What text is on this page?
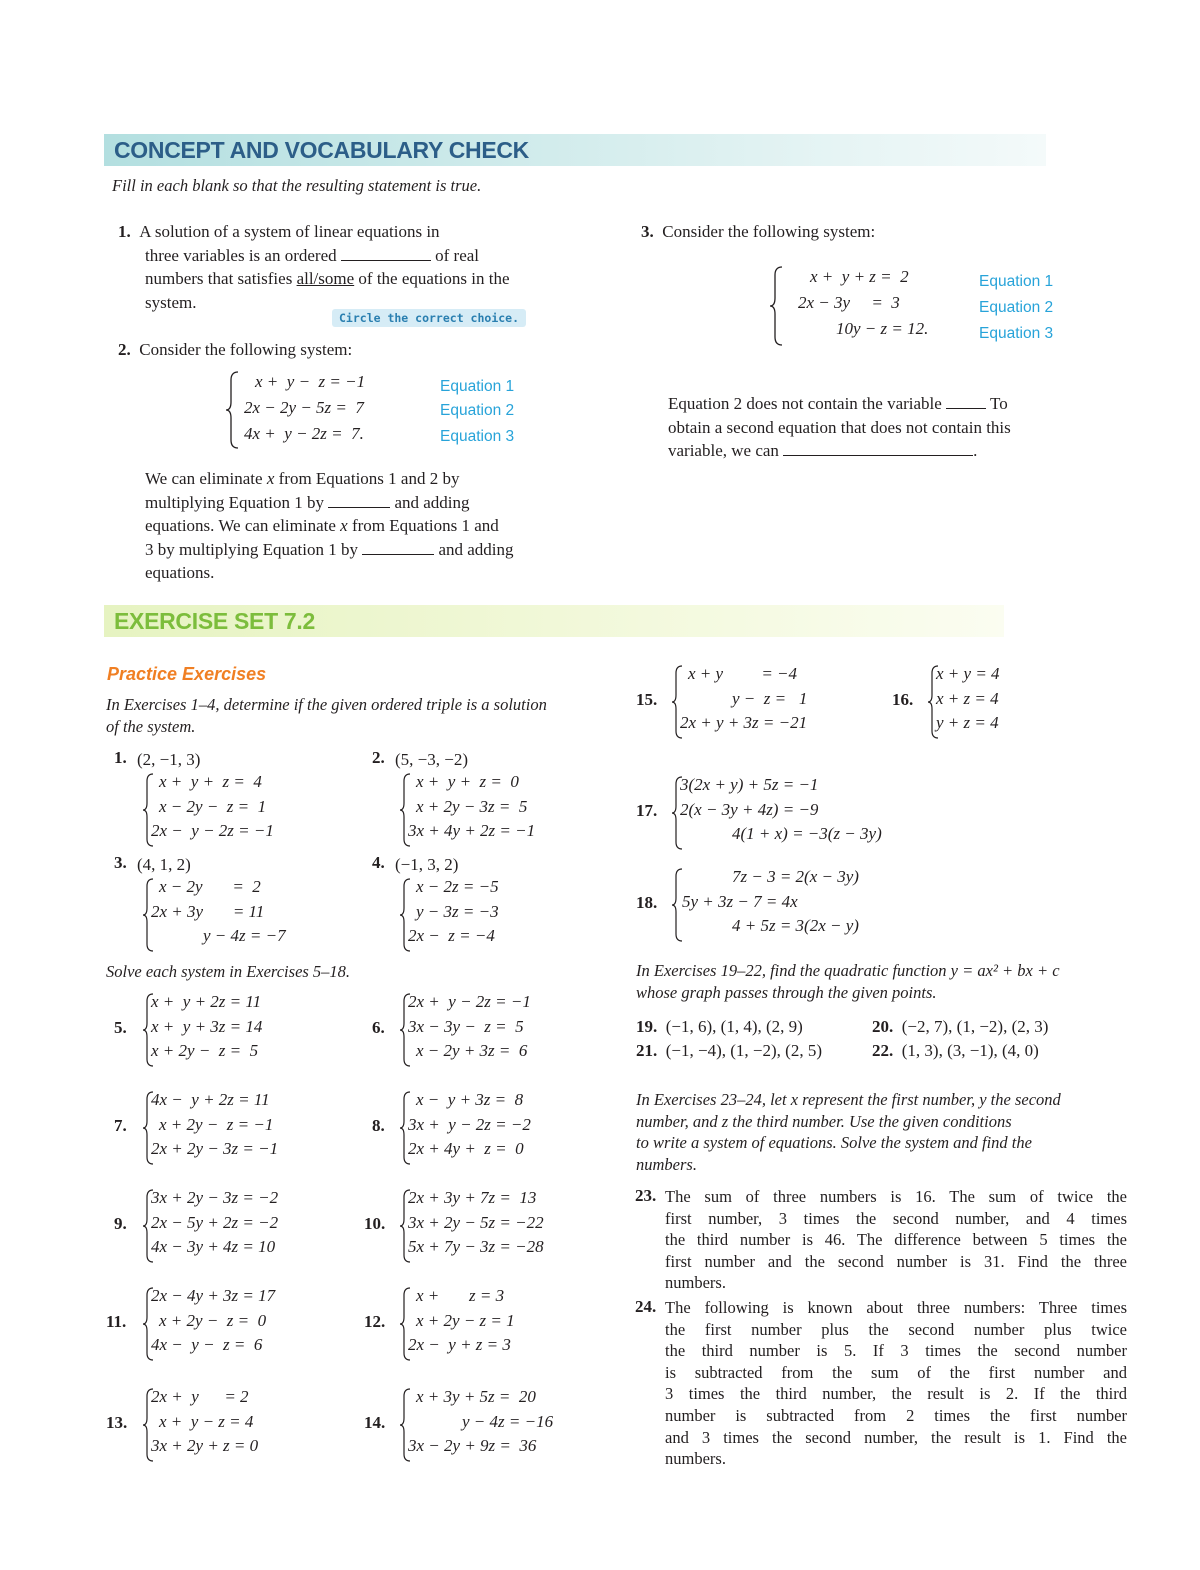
CONCEPT AND VOCABULARY CHECK
Fill in each blank so that the resulting statement is true.
1. A solution of a system of linear equations in
three variables is an ordered	of real
numbers that satisfies all/some of the equations in the
system.
Circle the correct choice.
2. Consider the following system:
x +  y −  z = −1
2x − 2y − 5z =  7
4x +  y − 2z =  7.
Equation 1
Equation 2
Equation 3
We can eliminate x from Equations 1 and 2 by
multiplying Equation 1 by	and adding
equations. We can eliminate x from Equations 1 and
3 by multiplying Equation 1 by	and adding
equations.
3. Consider the following system:
x +  y + z =  2
2x − 3y     =  3
10y − z = 12.
Equation 1
Equation 2
Equation 3
Equation 2 does not contain the variable	To
obtain a second equation that does not contain this
variable, we can	.
EXERCISE SET 7.2
Practice Exercises
In Exercises 1–4, determine if the given ordered triple is a solution
of the system.
1. (2, −1, 3)
x +  y +  z =  4
x − 2y −  z =  1
2x −  y − 2z = −1
2. (5, −3, −2)
x +  y +  z =  0
x + 2y − 3z =  5
3x + 4y + 2z = −1
3. (4, 1, 2)
x − 2y       =  2
2x + 3y       = 11
y − 4z = −7
4. (−1, 3, 2)
x − 2z = −5
y − 3z = −3
2x −  z = −4
5.
x +  y + 2z = 11
x +  y + 3z = 14
x + 2y −  z =  5
6.
2x +  y − 2z = −1
3x − 3y −  z =  5
x − 2y + 3z =  6
7.
4x −  y + 2z = 11
x + 2y −  z = −1
2x + 2y − 3z = −1
8.
x −  y + 3z =  8
3x +  y − 2z = −2
2x + 4y +  z =  0
9.
3x + 2y − 3z = −2
2x − 5y + 2z = −2
4x − 3y + 4z = 10
10.
2x + 3y + 7z =  13
3x + 2y − 5z = −22
5x + 7y − 3z = −28
11.
2x − 4y + 3z = 17
x + 2y −  z =  0
4x −  y −  z =  6
12.
x +       z = 3
x + 2y − z = 1
2x −  y + z = 3
13.
2x +  y      = 2
x +  y − z = 4
3x + 2y + z = 0
14.
x + 3y + 5z =  20
y − 4z = −16
3x − 2y + 9z =  36
15.
x + y         = −4
y −  z =   1
2x + y + 3z = −21
16.
x + y = 4
x + z = 4
y + z = 4
17.
3(2x + y) + 5z = −1
2(x − 3y + 4z) = −9
4(1 + x) = −3(z − 3y)
18.
7z − 3 = 2(x − 3y)
5y + 3z − 7 = 4x
4 + 5z = 3(2x − y)
Solve each system in Exercises 5–18.	In Exercises 19–22, find the quadratic function y = ax² + bx + c
whose graph passes through the given points.
19. (−1, 6), (1, 4), (2, 9)	20. (−2, 7), (1, −2), (2, 3)
21. (−1, −4), (1, −2), (2, 5)	22. (1, 3), (3, −1), (4, 0)
In Exercises 23–24, let x represent the first number, y the second
number, and z the third number. Use the given conditions
to write a system of equations. Solve the system and find the
numbers.
23. The sum of three numbers is 16. The sum of twice the
first number, 3 times the second number, and 4 times
the third number is 46. The difference between 5 times the
first number and the second number is 31. Find the three
numbers.
24. The following is known about three numbers: Three times
the first number plus the second number plus twice
the third number is 5. If 3 times the second number
is subtracted from the sum of the first number and
3 times the third number, the result is 2. If the third
number is subtracted from 2 times the first number
and 3 times the second number, the result is 1. Find the
numbers.
